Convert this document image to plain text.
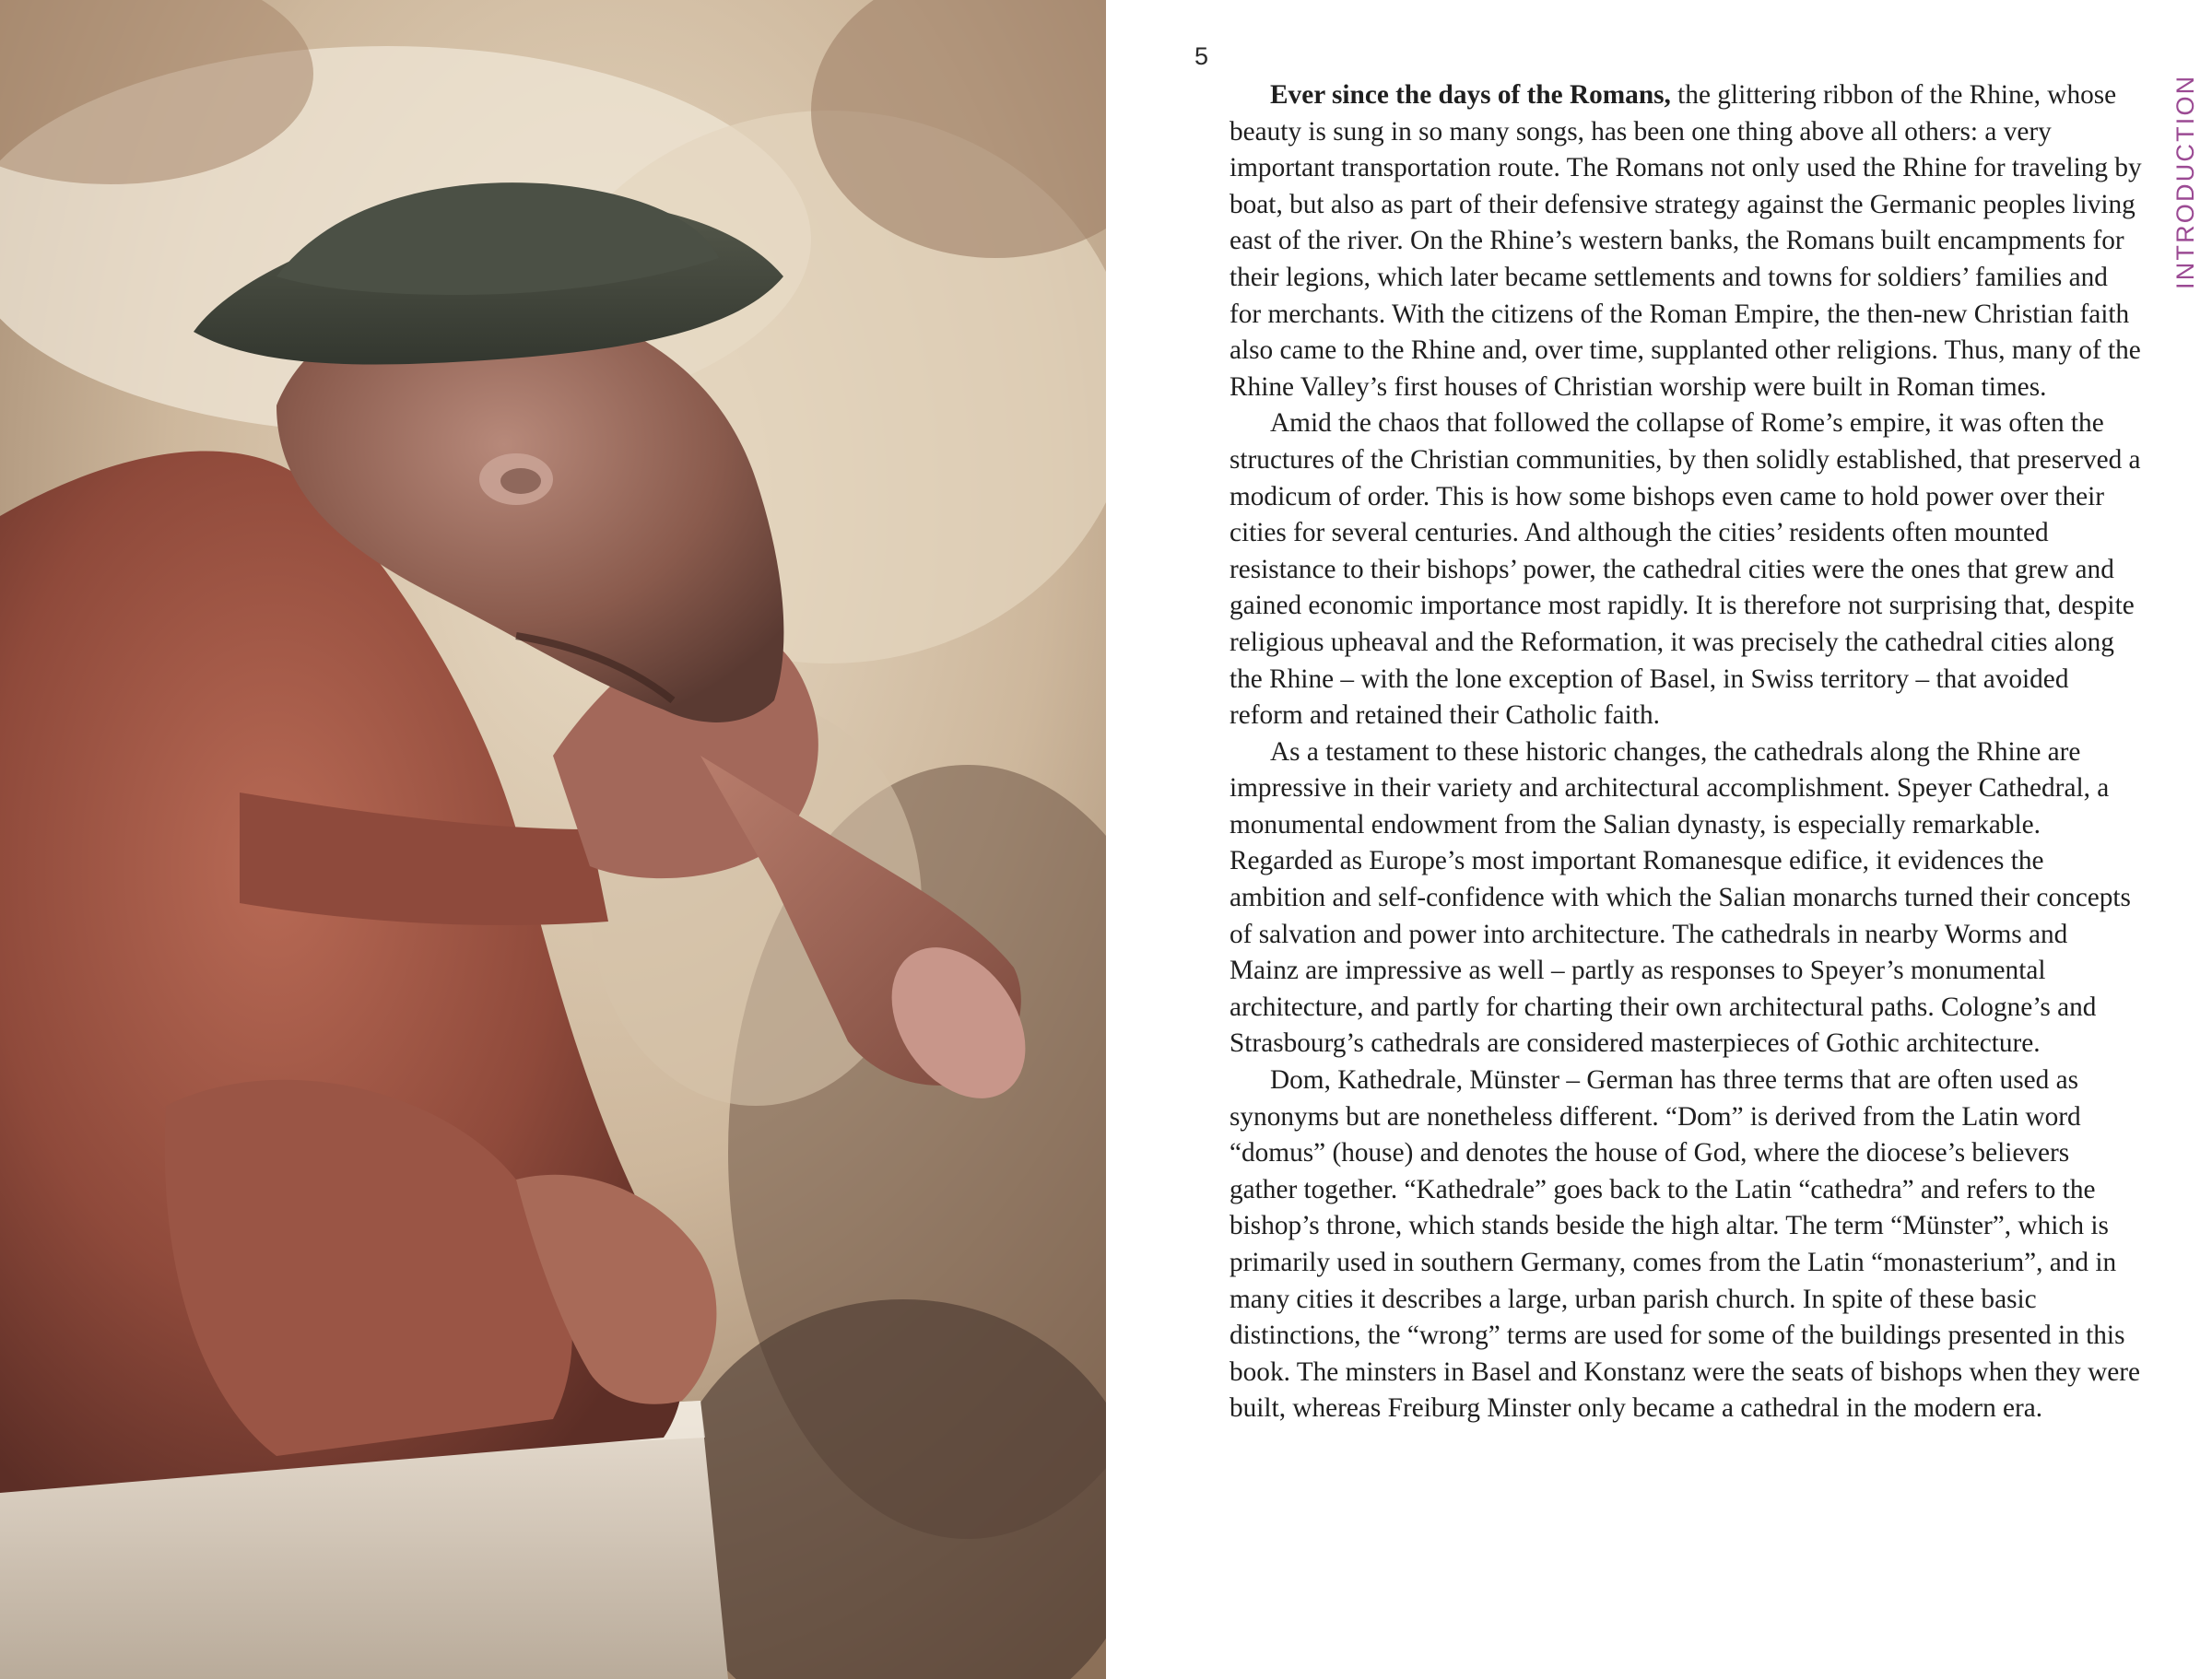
5

INTRODUCTION

Ever since the days of the Romans, the glittering ribbon of the Rhine, whose beauty is sung in so many songs, has been one thing above all others: a very important transportation route. The Romans not only used the Rhine for traveling by boat, but also as part of their defensive strategy against the Germanic peoples living east of the river. On the Rhine’s western banks, the Romans built encampments for their legions, which later became settlements and towns for soldiers’ families and for merchants. With the citizens of the Roman Empire, the then-new Christian faith also came to the Rhine and, over time, supplanted other religions. Thus, many of the Rhine Valley’s first houses of Christian worship were built in Roman times.

Amid the chaos that followed the collapse of Rome’s empire, it was often the structures of the Christian communities, by then solidly established, that preserved a modicum of order. This is how some bishops even came to hold power over their cities for several centuries. And although the cities’ residents often mounted resistance to their bishops’ power, the cathedral cities were the ones that grew and gained economic importance most rapidly. It is therefore not surprising that, despite religious upheaval and the Reformation, it was precisely the cathedral cities along the Rhine – with the lone exception of Basel, in Swiss territory – that avoided reform and retained their Catholic faith.

As a testament to these historic changes, the cathedrals along the Rhine are impressive in their variety and architectural accomplishment. Speyer Cathedral, a monumental endowment from the Salian dynasty, is especially remarkable. Regarded as Europe’s most important Romanesque edifice, it evidences the ambition and self-confidence with which the Salian monarchs turned their concepts of salvation and power into architecture. The cathedrals in nearby Worms and Mainz are impressive as well – partly as responses to Speyer’s monumental architecture, and partly for charting their own architectural paths. Cologne’s and Strasbourg’s cathedrals are considered masterpieces of Gothic architecture.

Dom, Kathedrale, Münster – German has three terms that are often used as synonyms but are nonetheless different. “Dom” is derived from the Latin word “domus” (house) and denotes the house of God, where the diocese’s believers gather together. “Kathedrale” goes back to the Latin “cathedra” and refers to the bishop’s throne, which stands beside the high altar. The term “Münster”, which is primarily used in southern Germany, comes from the Latin “monasterium”, and in many cities it describes a large, urban parish church. In spite of these basic distinctions, the “wrong” terms are used for some of the buildings presented in this book. The minsters in Basel and Konstanz were the seats of bishops when they were built, whereas Freiburg Minster only became a cathedral in the modern era.
